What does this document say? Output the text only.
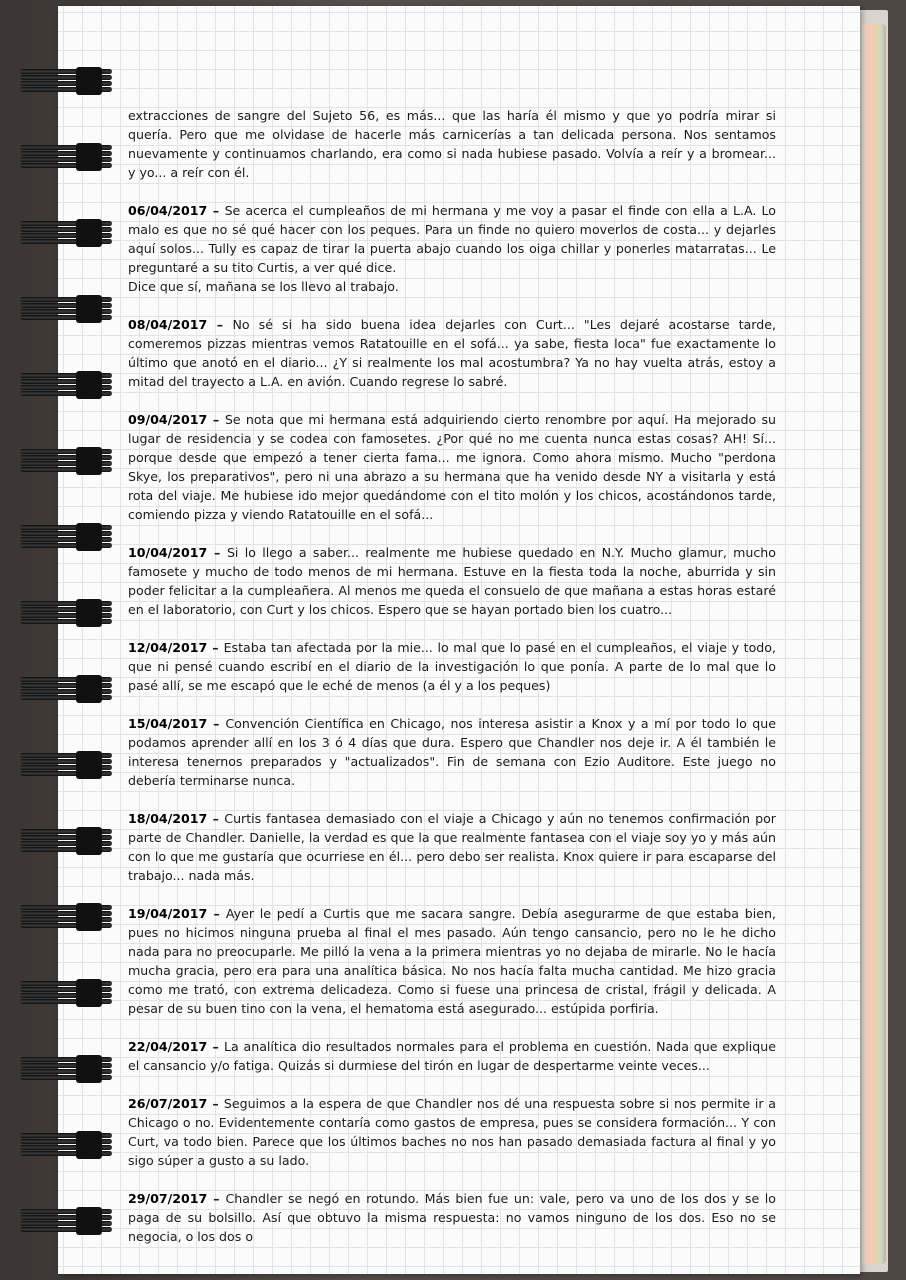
extracciones de sangre del Sujeto 56, es más... que las haría él mismo y que yo podría mirar si quería. Pero que me olvidase de hacerle más carnicerías a tan delicada persona. Nos sentamos nuevamente y continuamos charlando, era como si nada hubiese pasado. Volvía a reír y a bromear... y yo... a reír con él.

06/04/2017 – Se acerca el cumpleaños de mi hermana y me voy a pasar el finde con ella a L.A. Lo malo es que no sé qué hacer con los peques. Para un finde no quiero moverlos de costa... y dejarles aquí solos... Tully es capaz de tirar la puerta abajo cuando los oiga chillar y ponerles matarratas... Le preguntaré a su tito Curtis, a ver qué dice.
Dice que sí, mañana se los llevo al trabajo.

08/04/2017 – No sé si ha sido buena idea dejarles con Curt... "Les dejaré acostarse tarde, comeremos pizzas mientras vemos Ratatouille en el sofá... ya sabe, fiesta loca" fue exactamente lo último que anotó en el diario... ¿Y si realmente los mal acostumbra? Ya no hay vuelta atrás, estoy a mitad del trayecto a L.A. en avión. Cuando regrese lo sabré.

09/04/2017 – Se nota que mi hermana está adquiriendo cierto renombre por aquí. Ha mejorado su lugar de residencia y se codea con famosetes. ¿Por qué no me cuenta nunca estas cosas? AH! Sí... porque desde que empezó a tener cierta fama... me ignora. Como ahora mismo. Mucho "perdona Skye, los preparativos", pero ni una abrazo a su hermana que ha venido desde NY a visitarla y está rota del viaje. Me hubiese ido mejor quedándome con el tito molón y los chicos, acostándonos tarde, comiendo pizza y viendo Ratatouille en el sofá...

10/04/2017 – Si lo llego a saber... realmente me hubiese quedado en N.Y. Mucho glamur, mucho famosete y mucho de todo menos de mi hermana. Estuve en la fiesta toda la noche, aburrida y sin poder felicitar a la cumpleañera. Al menos me queda el consuelo de que mañana a estas horas estaré en el laboratorio, con Curt y los chicos. Espero que se hayan portado bien los cuatro...

12/04/2017 – Estaba tan afectada por la mie... lo mal que lo pasé en el cumpleaños, el viaje y todo, que ni pensé cuando escribí en el diario de la investigación lo que ponía. A parte de lo mal que lo pasé allí, se me escapó que le eché de menos (a él y a los peques)

15/04/2017 – Convención Científica en Chicago, nos interesa asistir a Knox y a mí por todo lo que podamos aprender allí en los 3 ó 4 días que dura. Espero que Chandler nos deje ir. A él también le interesa tenernos preparados y "actualizados". Fin de semana con Ezio Auditore. Este juego no debería terminarse nunca.

18/04/2017 – Curtis fantasea demasiado con el viaje a Chicago y aún no tenemos confirmación por parte de Chandler. Danielle, la verdad es que la que realmente fantasea con el viaje soy yo y más aún con lo que me gustaría que ocurriese en él... pero debo ser realista. Knox quiere ir para escaparse del trabajo... nada más.

19/04/2017 – Ayer le pedí a Curtis que me sacara sangre. Debía asegurarme de que estaba bien, pues no hicimos ninguna prueba al final el mes pasado. Aún tengo cansancio, pero no le he dicho nada para no preocuparle. Me pilló la vena a la primera mientras yo no dejaba de mirarle. No le hacía mucha gracia, pero era para una analítica básica. No nos hacía falta mucha cantidad. Me hizo gracia como me trató, con extrema delicadeza. Como si fuese una princesa de cristal, frágil y delicada. A pesar de su buen tino con la vena, el hematoma está asegurado... estúpida porfiria.

22/04/2017 – La analítica dio resultados normales para el problema en cuestión. Nada que explique el cansancio y/o fatiga. Quizás si durmiese del tirón en lugar de despertarme veinte veces...

26/07/2017 – Seguimos a la espera de que Chandler nos dé una respuesta sobre si nos permite ir a Chicago o no. Evidentemente contaría como gastos de empresa, pues se considera formación... Y con Curt, va todo bien. Parece que los últimos baches no nos han pasado demasiada factura al final y yo sigo súper a gusto a su lado.

29/07/2017 – Chandler se negó en rotundo. Más bien fue un: vale, pero va uno de los dos y se lo paga de su bolsillo. Así que obtuvo la misma respuesta: no vamos ninguno de los dos. Eso no se negocia, o los dos o
